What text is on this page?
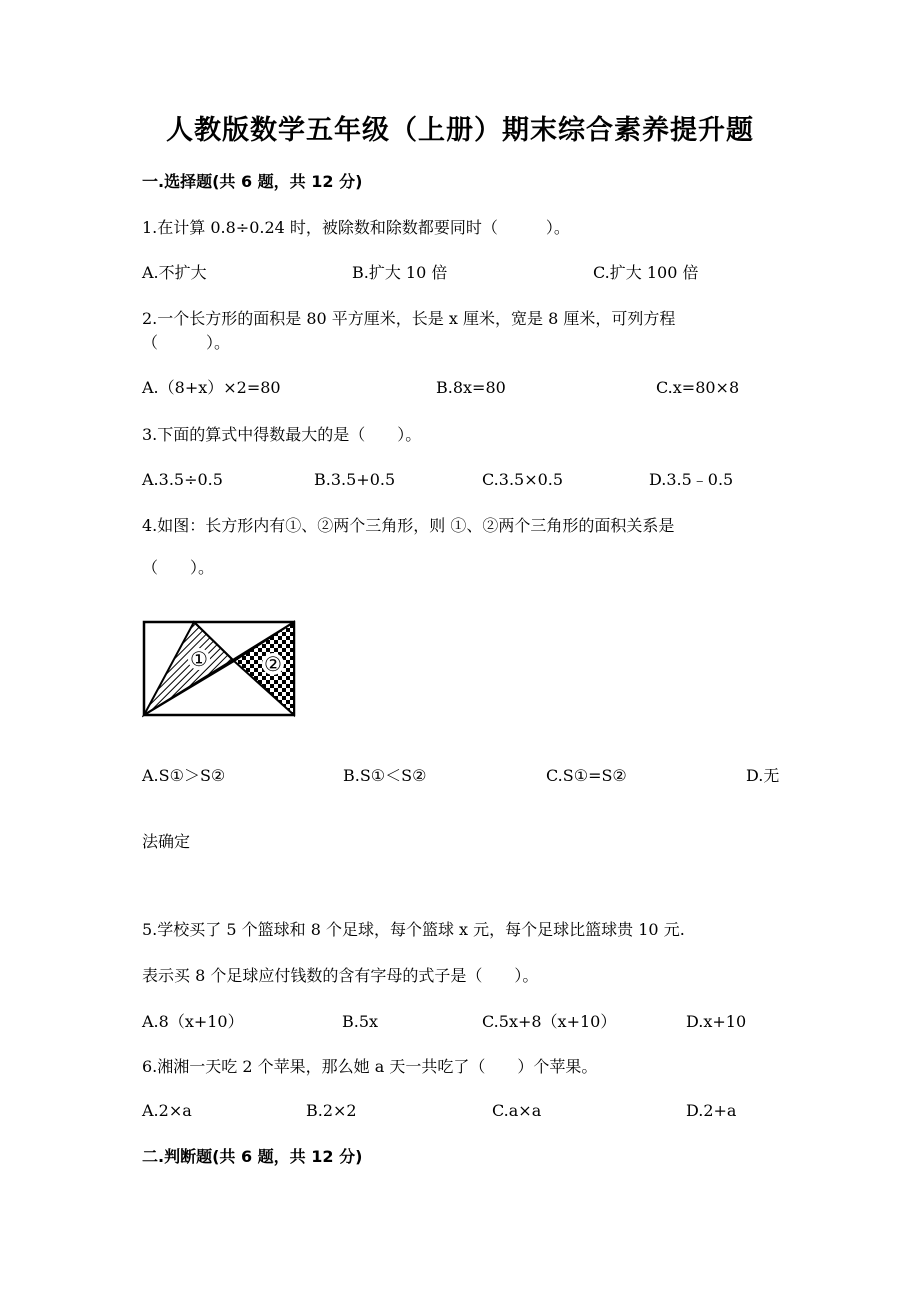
人教版数学五年级（上册）期末综合素养提升题
一.选择题(共 6 题，共 12 分)
1.在计算 0.8÷0.24 时，被除数和除数都要同时（　　　）。
A.不扩大	B.扩大 10 倍	C.扩大 100 倍
2.一个长方形的面积是 80 平方厘米，长是 x 厘米，宽是 8 厘米，可列方程
（　　　）。
A.（8+x）×2=80	B.8x=80	C.x=80×8
3.下面的算式中得数最大的是（　　）。
A.3.5÷0.5	B.3.5+0.5	C.3.5×0.5	D.3.5﹣0.5
4.如图：长方形内有①、②两个三角形，则 ①、②两个三角形的面积关系是
（　　）。
①	②
A.S①＞S②	B.S①＜S②	C.S①=S②	D.无
法确定
5.学校买了 5 个篮球和 8 个足球，每个篮球 x 元，每个足球比篮球贵 10 元.
表示买 8 个足球应付钱数的含有字母的式子是（　　）。
A.8（x+10）	B.5x	C.5x+8（x+10）	D.x+10
6.湘湘一天吃 2 个苹果，那么她 a 天一共吃了（　　）个苹果。
A.2×a	B.2×2	C.a×a	D.2+a
二.判断题(共 6 题，共 12 分)
